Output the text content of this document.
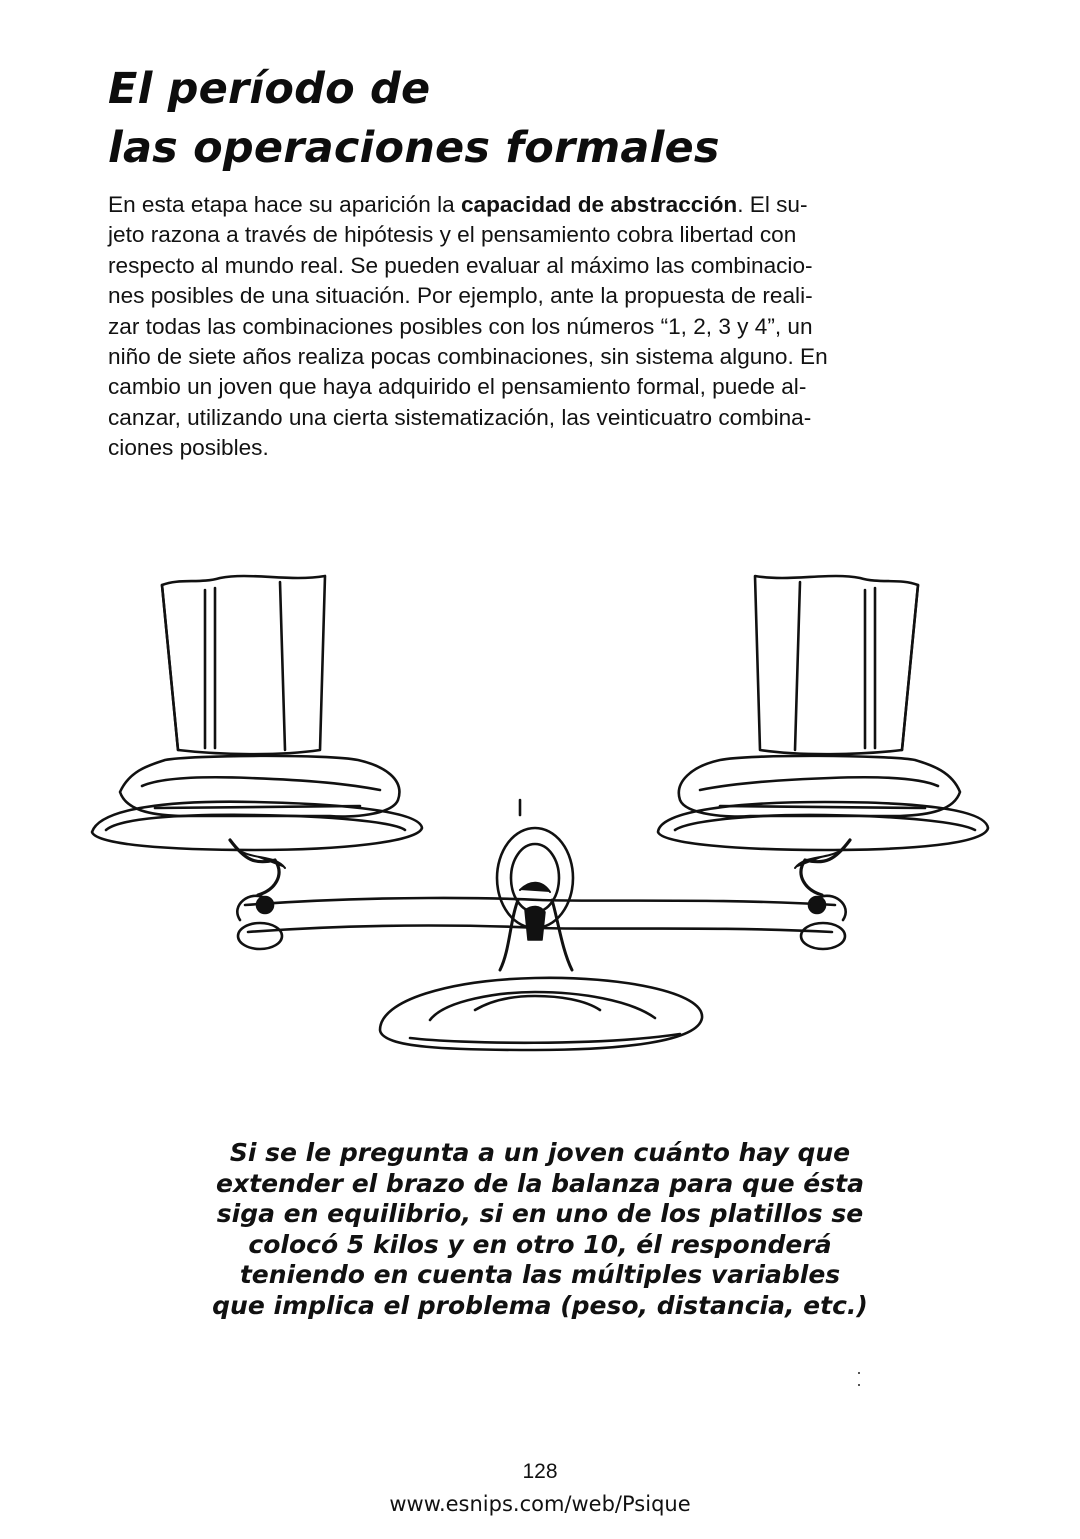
El período de
las operaciones formales
En esta etapa hace su aparición la capacidad de abstracción. El su-
jeto razona a través de hipótesis y el pensamiento cobra libertad con
respecto al mundo real. Se pueden evaluar al máximo las combinacio-
nes posibles de una situación. Por ejemplo, ante la propuesta de reali-
zar todas las combinaciones posibles con los números “1, 2, 3 y 4”, un
niño de siete años realiza pocas combinaciones, sin sistema alguno. En
cambio un joven que haya adquirido el pensamiento formal, puede al-
canzar, utilizando una cierta sistematización, las veinticuatro combina-
ciones posibles.
Si se le pregunta a un joven cuánto hay que
extender el brazo de la balanza para que ésta
siga en equilibrio, si en uno de los platillos se
colocó 5 kilos y en otro 10, él responderá
teniendo en cuenta las múltiples variables
que implica el problema (peso, distancia, etc.)
128
www.esnips.com/web/Psique
